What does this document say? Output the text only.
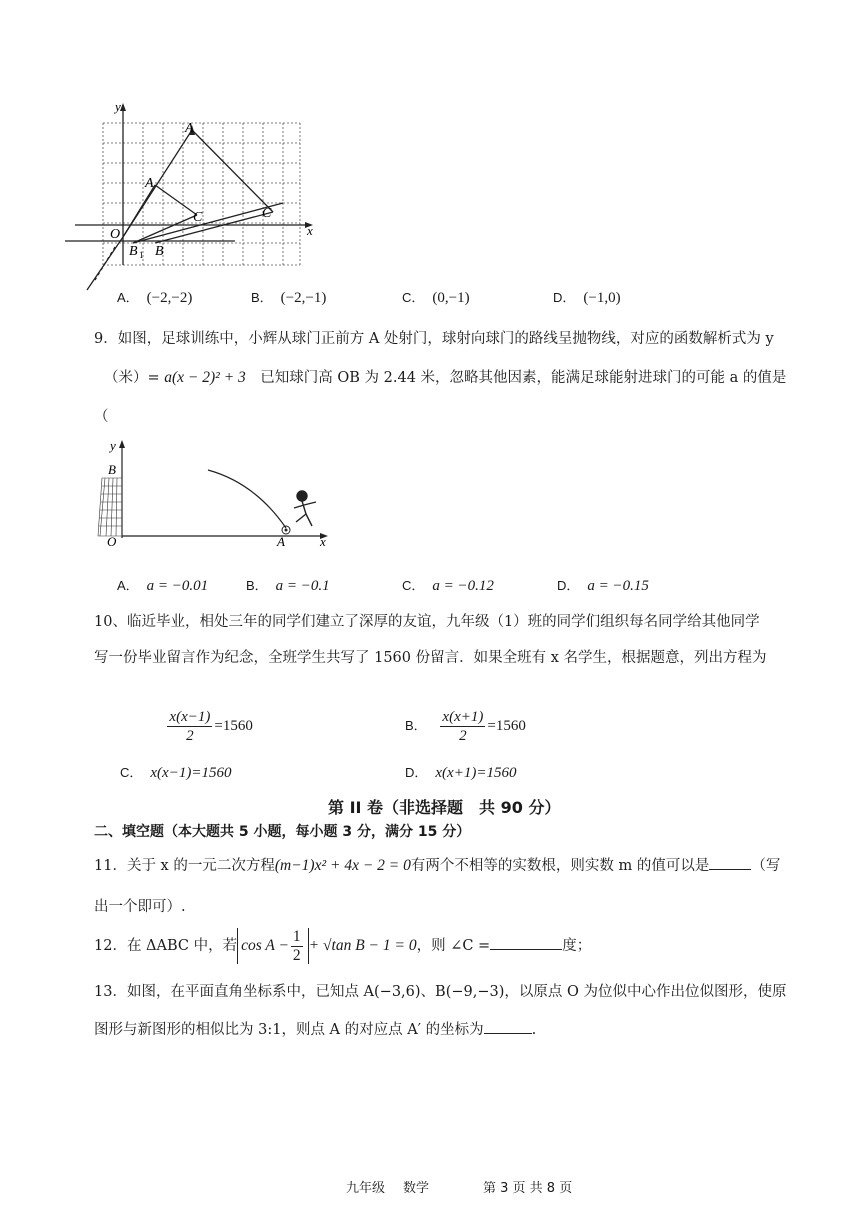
y
x
O
A
A
C	C
B 1 B
A． (−2,−2)	B． (−2,−1)	C． (0,−1)	D． (−1,0)
9．如图，足球训练中，小辉从球门正前方 A 处射门，球射向球门的路线呈抛物线，对应的函数解析式为 y
（米）= a(x − 2)² + 3　 已知球门高 OB 为 2.44 米，忽略其他因素，能满足球能射进球门的可能 a 的值是
（
y
B
O	A	x
A． a = −0.01	B． a = −0.1	C． a = −0.12	D． a = −0.15
10、临近毕业，相处三年的同学们建立了深厚的友谊，九年级（1）班的同学们组织每名同学给其他同学
写一份毕业留言作为纪念，全班学生共写了 1560 份留言．如果全班有 x 名学生，根据题意，列出方程为
$\frac{x(x-1)}{2} =1560$	B． $\frac{x(x+1)}{2} =1560$
C． x(x−1)=1560	D． x(x+1)=1560
第 II 卷（非选择题　共 90 分）
二、填空题（本大题共 5 小题，每小题 3 分，满分 15 分）
11．关于 x 的一元二次方程(m−1)x² + 4x − 2 = 0有两个不相等的实数根，则实数 m 的值可以是	（写
出一个即可）.
12．在 ΔABC 中，若 $\cos A - \frac{1}{2} + √\tan$ B − 1 = 0，则 ∠C =	度；
13．如图，在平面直角坐标系中，已知点 A(−3,6)、B(−9,−3)，以原点 O 为位似中心作出位似图形，使原
图形与新图形的相似比为 3:1，则点 A 的对应点 A′ 的坐标为	.
九年级 数学	第 3 页 共 8 页
